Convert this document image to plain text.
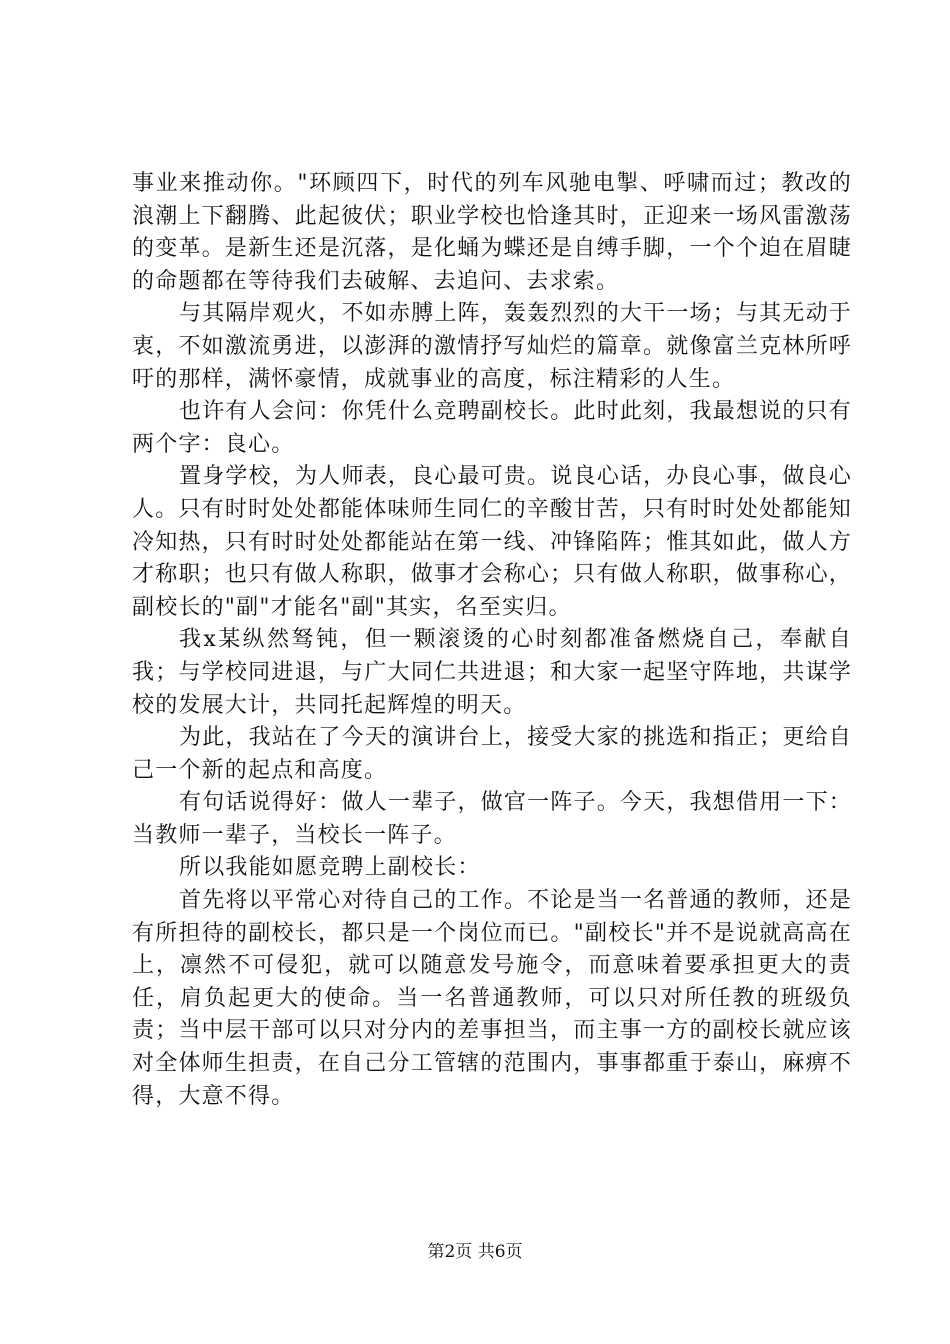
事业来推动你。"环顾四下，时代的列车风驰电掣、呼啸而过；教改的浪潮上下翻腾、此起彼伏；职业学校也恰逢其时，正迎来一场风雷激荡的变革。是新生还是沉落，是化蛹为蝶还是自缚手脚，一个个迫在眉睫的命题都在等待我们去破解、去追问、去求索。

与其隔岸观火，不如赤膊上阵，轰轰烈烈的大干一场；与其无动于衷，不如激流勇进，以澎湃的激情抒写灿烂的篇章。就像富兰克林所呼吁的那样，满怀豪情，成就事业的高度，标注精彩的人生。

也许有人会问：你凭什么竞聘副校长。此时此刻，我最想说的只有两个字：良心。

置身学校，为人师表，良心最可贵。说良心话，办良心事，做良心人。只有时时处处都能体味师生同仁的辛酸甘苦，只有时时处处都能知冷知热，只有时时处处都能站在第一线、冲锋陷阵；惟其如此，做人方才称职；也只有做人称职，做事才会称心；只有做人称职，做事称心，副校长的"副"才能名"副"其实，名至实归。

我x某纵然驽钝，但一颗滚烫的心时刻都准备燃烧自己，奉献自我；与学校同进退，与广大同仁共进退；和大家一起坚守阵地，共谋学校的发展大计，共同托起辉煌的明天。

为此，我站在了今天的演讲台上，接受大家的挑选和指正；更给自己一个新的起点和高度。

有句话说得好：做人一辈子，做官一阵子。今天，我想借用一下：当教师一辈子，当校长一阵子。

所以我能如愿竞聘上副校长：

首先将以平常心对待自己的工作。不论是当一名普通的教师，还是有所担待的副校长，都只是一个岗位而已。"副校长"并不是说就高高在上，凛然不可侵犯，就可以随意发号施令，而意味着要承担更大的责任，肩负起更大的使命。当一名普通教师，可以只对所任教的班级负责；当中层干部可以只对分内的差事担当，而主事一方的副校长就应该对全体师生担责，在自己分工管辖的范围内，事事都重于泰山，麻痹不得，大意不得。

第2页 共6页
